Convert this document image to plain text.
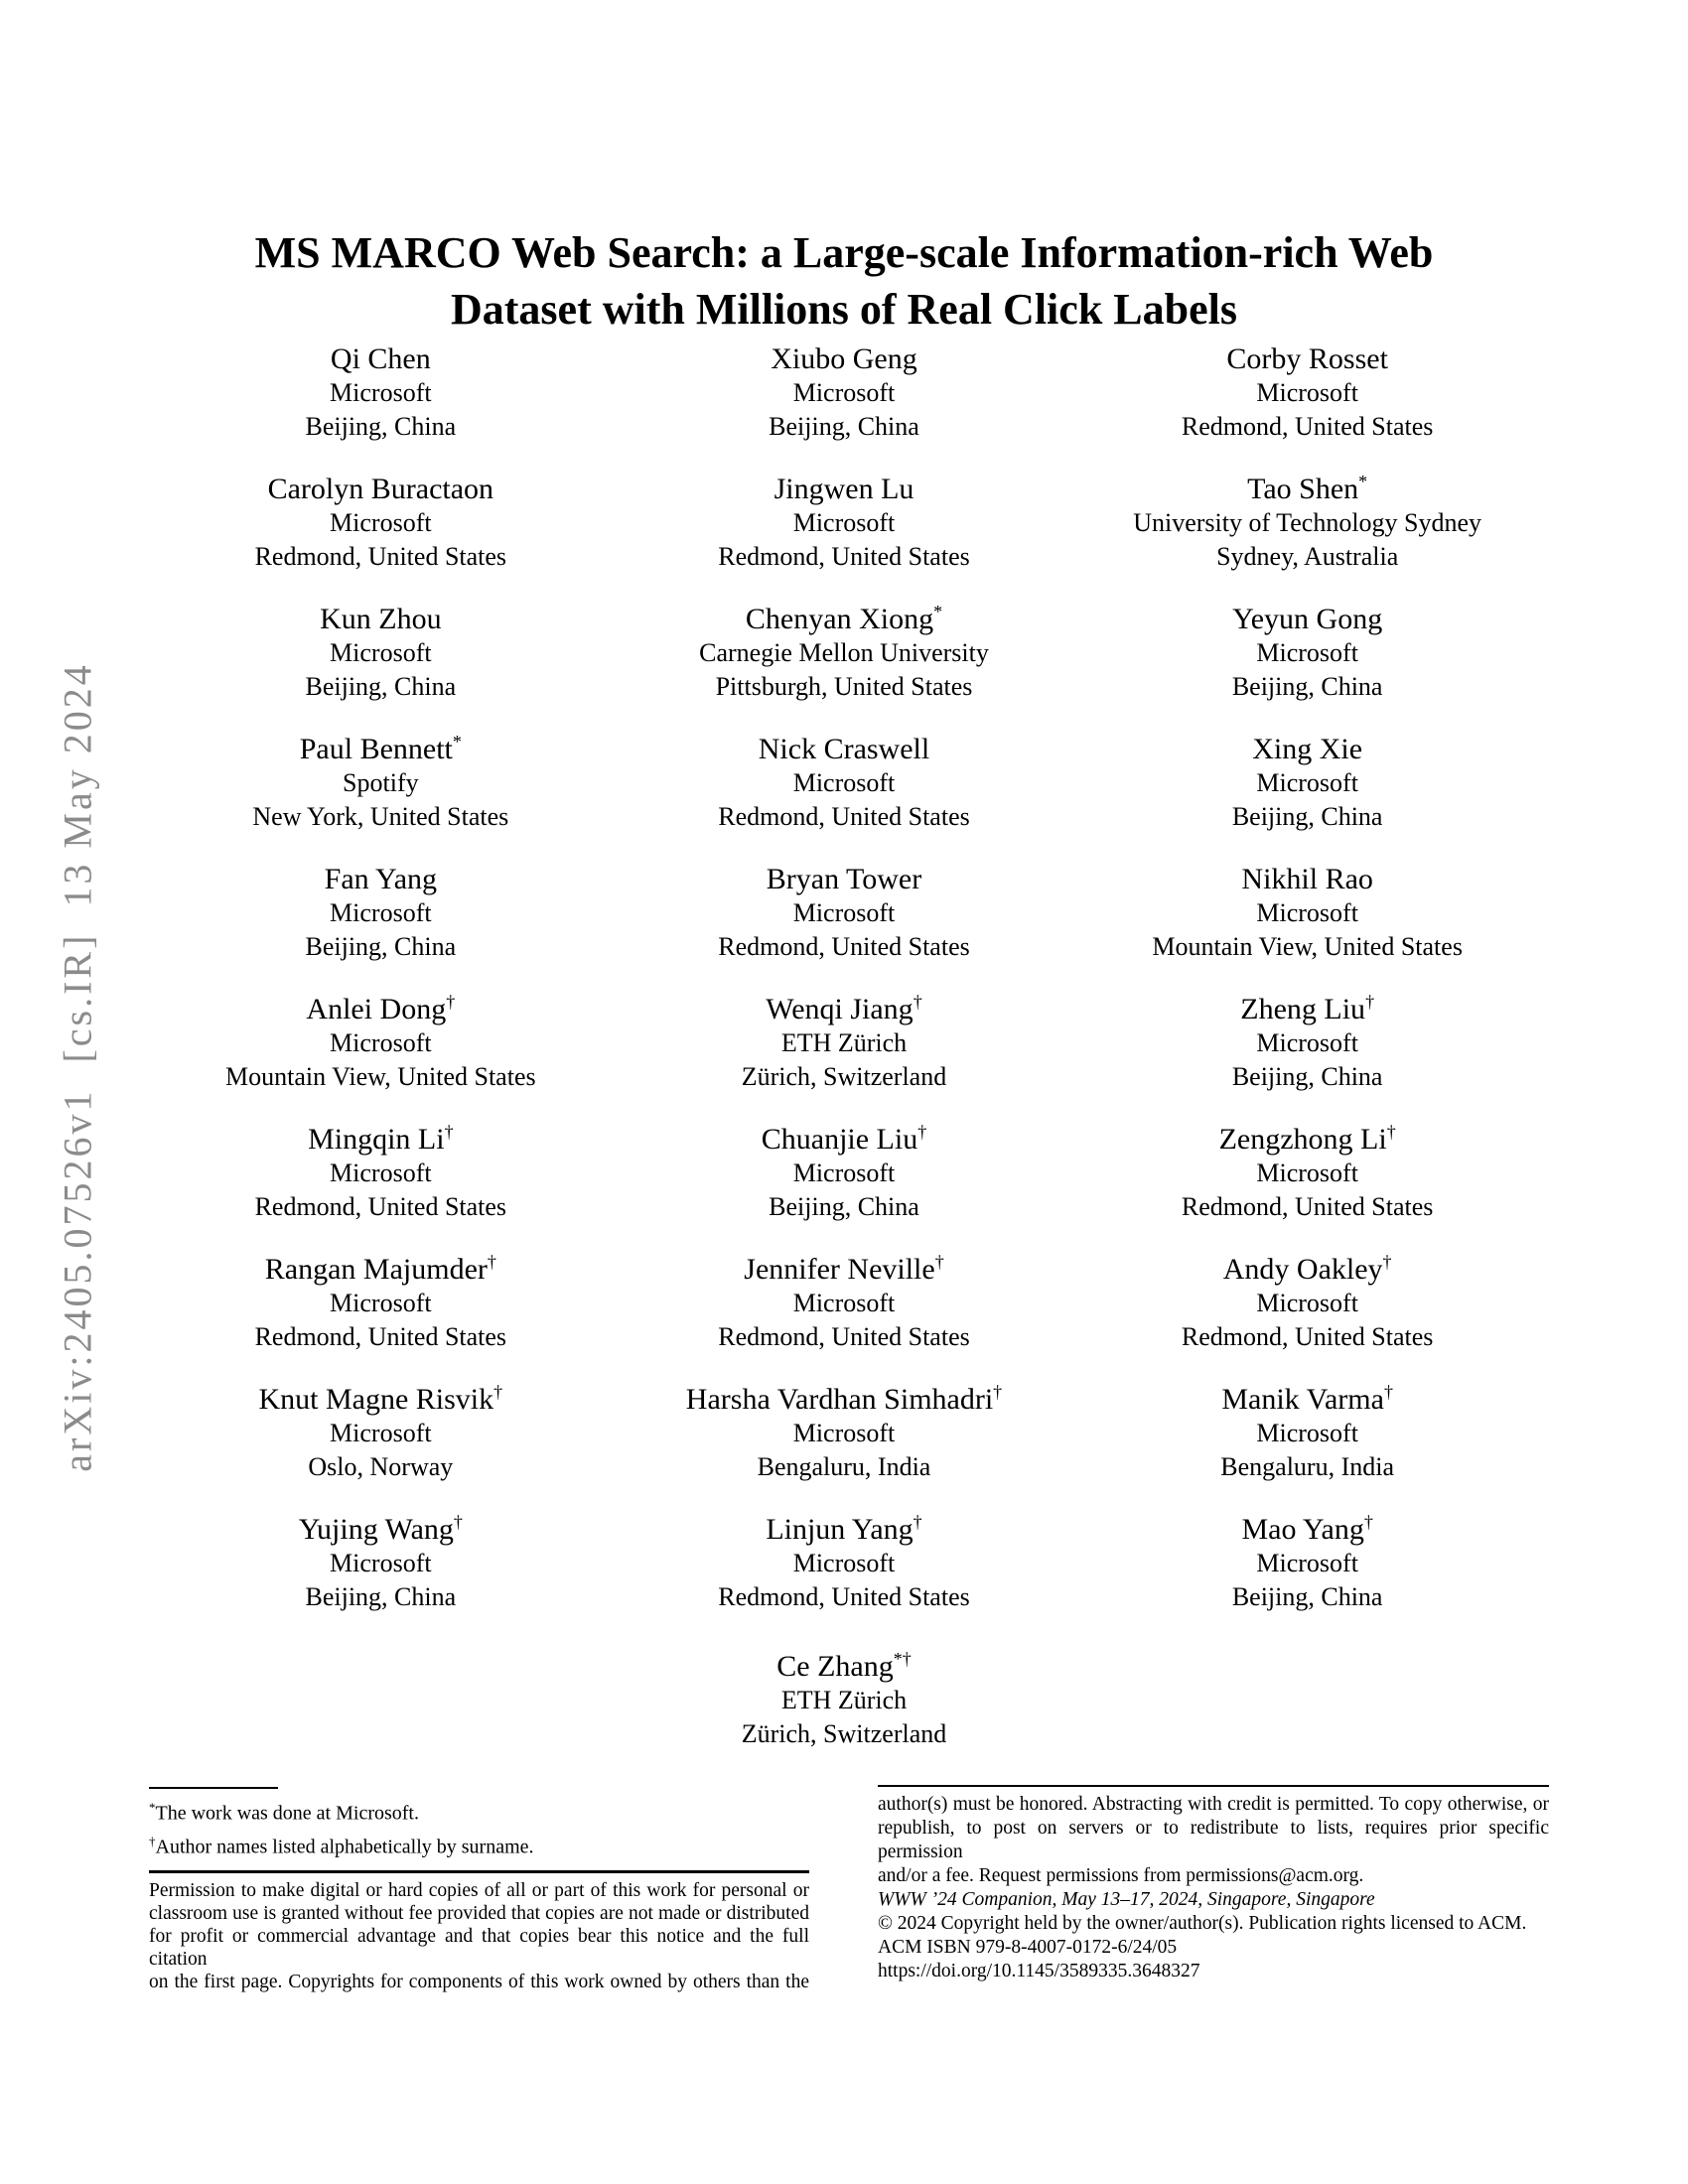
arXiv:2405.07526v1  [cs.IR]  13 May 2024
MS MARCO Web Search: a Large-scale Information-rich Web
Dataset with Millions of Real Click Labels
Qi Chen
Microsoft
Beijing, China
Xiubo Geng
Microsoft
Beijing, China
Corby Rosset
Microsoft
Redmond, United States
Carolyn Buractaon
Microsoft
Redmond, United States
Jingwen Lu
Microsoft
Redmond, United States
Tao Shen*
University of Technology Sydney
Sydney, Australia
Kun Zhou
Microsoft
Beijing, China
Chenyan Xiong*
Carnegie Mellon University
Pittsburgh, United States
Yeyun Gong
Microsoft
Beijing, China
Paul Bennett*
Spotify
New York, United States
Nick Craswell
Microsoft
Redmond, United States
Xing Xie
Microsoft
Beijing, China
Fan Yang
Microsoft
Beijing, China
Bryan Tower
Microsoft
Redmond, United States
Nikhil Rao
Microsoft
Mountain View, United States
Anlei Dong†
Microsoft
Mountain View, United States
Wenqi Jiang†
ETH Zürich
Zürich, Switzerland
Zheng Liu†
Microsoft
Beijing, China
Mingqin Li†
Microsoft
Redmond, United States
Chuanjie Liu†
Microsoft
Beijing, China
Zengzhong Li†
Microsoft
Redmond, United States
Rangan Majumder†
Microsoft
Redmond, United States
Jennifer Neville†
Microsoft
Redmond, United States
Andy Oakley†
Microsoft
Redmond, United States
Knut Magne Risvik†
Microsoft
Oslo, Norway
Harsha Vardhan Simhadri†
Microsoft
Bengaluru, India
Manik Varma†
Microsoft
Bengaluru, India
Yujing Wang†
Microsoft
Beijing, China
Linjun Yang†
Microsoft
Redmond, United States
Mao Yang†
Microsoft
Beijing, China
Ce Zhang*†
ETH Zürich
Zürich, Switzerland
*The work was done at Microsoft.
†Author names listed alphabetically by surname.
Permission to make digital or hard copies of all or part of this work for personal or
classroom use is granted without fee provided that copies are not made or distributed
for profit or commercial advantage and that copies bear this notice and the full citation
on the first page. Copyrights for components of this work owned by others than the
author(s) must be honored. Abstracting with credit is permitted. To copy otherwise, or
republish, to post on servers or to redistribute to lists, requires prior specific permission
and/or a fee. Request permissions from permissions@acm.org.
WWW ’24 Companion, May 13–17, 2024, Singapore, Singapore
© 2024 Copyright held by the owner/author(s). Publication rights licensed to ACM.
ACM ISBN 979-8-4007-0172-6/24/05
https://doi.org/10.1145/3589335.3648327
